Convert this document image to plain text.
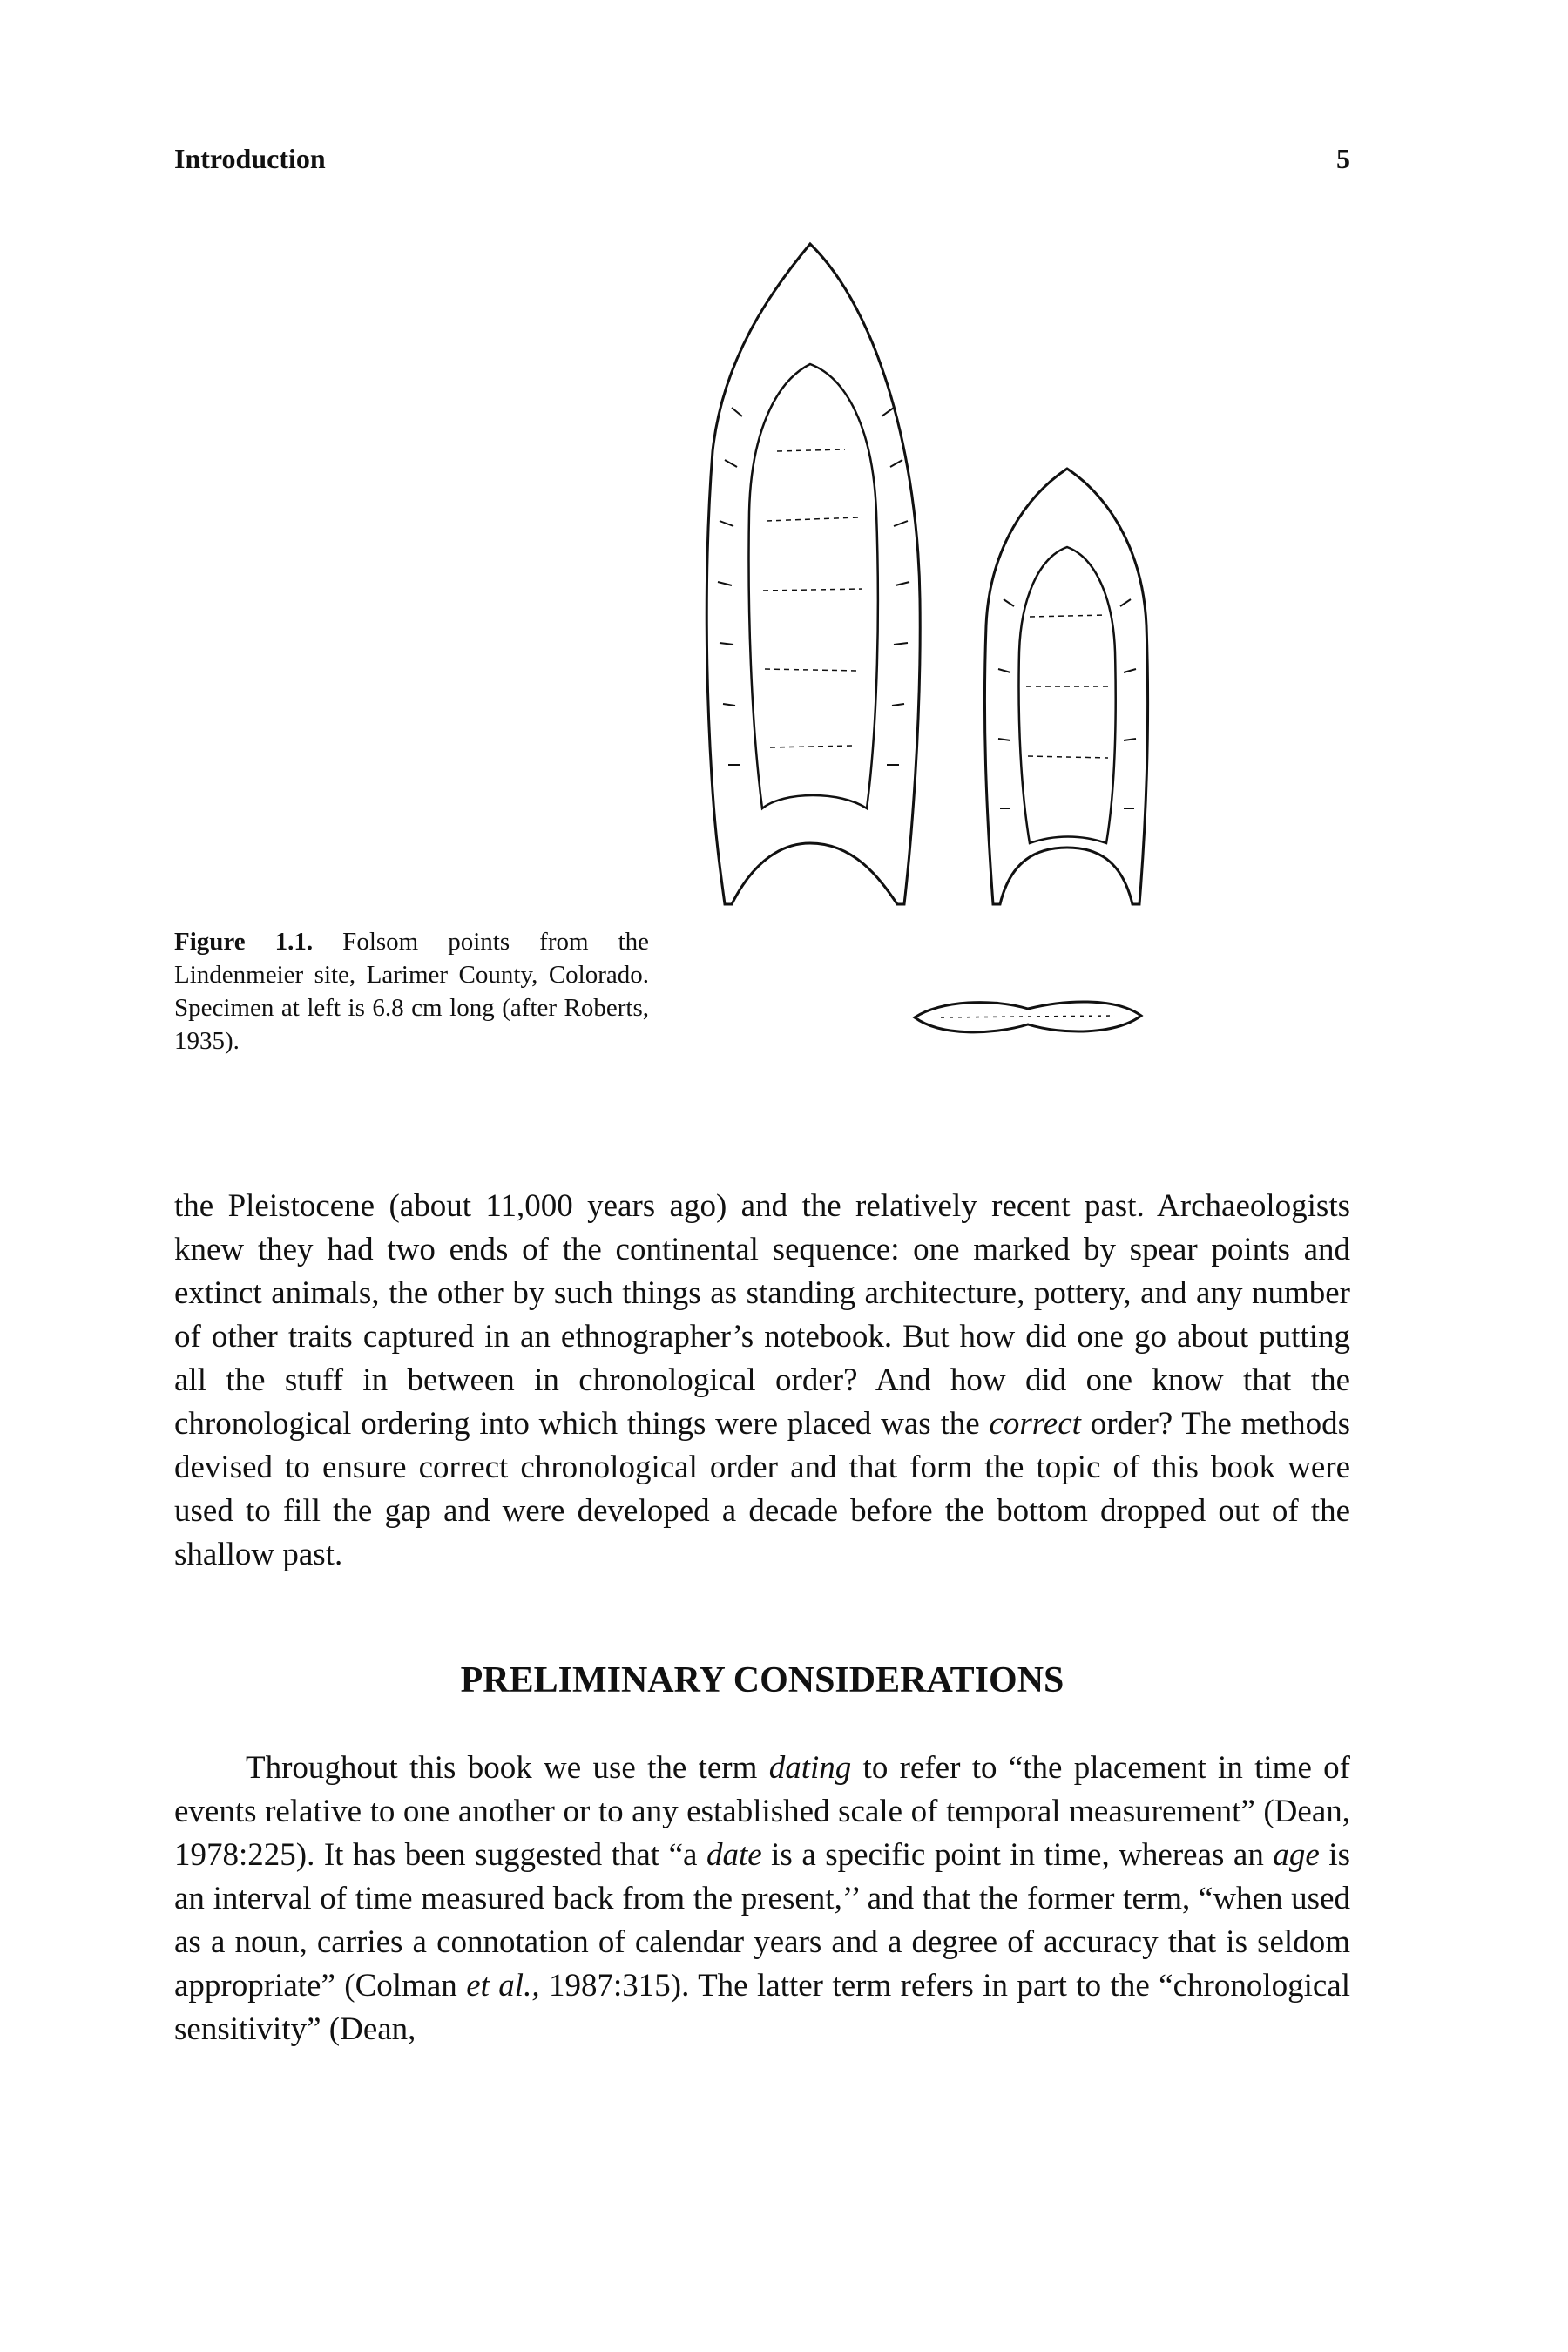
Introduction	5
Figure 1.1. Folsom points from the Lindenmeier site, Larimer County, Colorado. Specimen at left is 6.8 cm long (after Roberts, 1935).

the Pleistocene (about 11,000 years ago) and the relatively recent past. Archaeologists knew they had two ends of the continental sequence: one marked by spear points and extinct animals, the other by such things as standing architecture, pottery, and any number of other traits captured in an ethnographer’s notebook. But how did one go about putting all the stuff in between in chronological order? And how did one know that the chronological ordering into which things were placed was the correct order? The methods devised to ensure correct chronological order and that form the topic of this book were used to fill the gap and were developed a decade before the bottom dropped out of the shallow past.

PRELIMINARY CONSIDERATIONS

Throughout this book we use the term dating to refer to “the placement in time of events relative to one another or to any established scale of temporal measurement” (Dean, 1978:225). It has been suggested that “a date is a specific point in time, whereas an age is an interval of time measured back from the present,’’ and that the former term, “when used as a noun, carries a connotation of calendar years and a degree of accuracy that is seldom appropriate” (Colman et al., 1987:315). The latter term refers in part to the “chronological sensitivity” (Dean,
